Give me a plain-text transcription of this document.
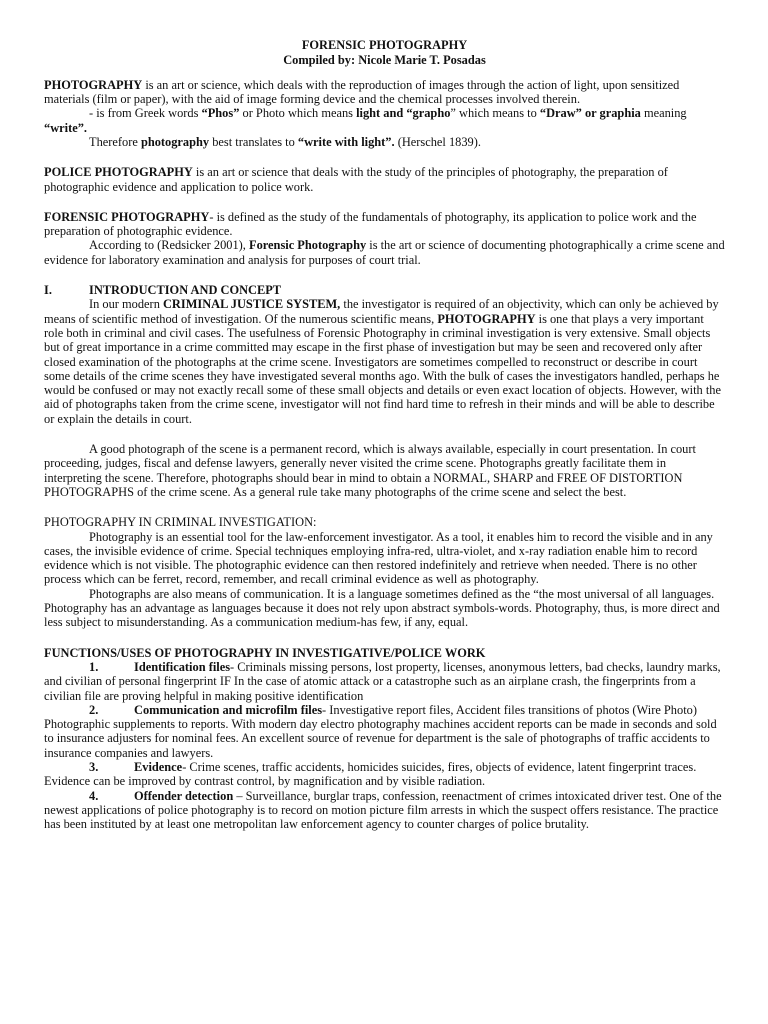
FORENSIC PHOTOGRAPHY

Compiled by: Nicole Marie T. Posadas

PHOTOGRAPHY is an art or science, which deals with the reproduction of images through the action of light, upon sensitized materials (film or paper), with the aid of image forming device and the chemical processes involved therein.

- is from Greek words “Phos” or Photo which means light and “grapho” which means to “Draw” or graphia meaning “write”.

Therefore photography best translates to “write with light”. (Herschel 1839).

POLICE PHOTOGRAPHY is an art or science that deals with the study of the principles of photography, the preparation of photographic evidence and application to police work.

FORENSIC PHOTOGRAPHY- is defined as the study of the fundamentals of photography, its application to police work and the preparation of photographic evidence.

According to (Redsicker 2001), Forensic Photography is the art or science of documenting photographically a crime scene and evidence for laboratory examination and analysis for purposes of court trial.

I.	INTRODUCTION AND CONCEPT

In our modern CRIMINAL JUSTICE SYSTEM, the investigator is required of an objectivity, which can only be achieved by means of scientific method of investigation. Of the numerous scientific means, PHOTOGRAPHY is one that plays a very important role both in criminal and civil cases. The usefulness of Forensic Photography in criminal investigation is very extensive. Small objects but of great importance in a crime committed may escape in the first phase of investigation but may be seen and recovered only after closed examination of the photographs at the crime scene. Investigators are sometimes compelled to reconstruct or describe in court some details of the crime scenes they have investigated several months ago. With the bulk of cases the investigators handled, perhaps he would be confused or may not exactly recall some of these small objects and details or even exact location of objects. However, with the aid of photographs taken from the crime scene, investigator will not find hard time to refresh in their minds and will be able to describe or explain the details in court.

A good photograph of the scene is a permanent record, which is always available, especially in court presentation. In court proceeding, judges, fiscal and defense lawyers, generally never visited the crime scene. Photographs greatly facilitate them in interpreting the scene. Therefore, photographs should bear in mind to obtain a NORMAL, SHARP and FREE OF DISTORTION PHOTOGRAPHS of the crime scene. As a general rule take many photographs of the crime scene and select the best.

PHOTOGRAPHY IN CRIMINAL INVESTIGATION:

Photography is an essential tool for the law-enforcement investigator. As a tool, it enables him to record the visible and in any cases, the invisible evidence of crime. Special techniques employing infra-red, ultra-violet, and x-ray radiation enable him to record evidence which is not visible. The photographic evidence can then restored indefinitely and retrieve when needed. There is no other process which can be ferret, record, remember, and recall criminal evidence as well as photography.

Photographs are also means of communication. It is a language sometimes defined as the “the most universal of all languages. Photography has an advantage as languages because it does not rely upon abstract symbols-words. Photography, thus, is more direct and less subject to misunderstanding. As a communication medium-has few, if any, equal.

FUNCTIONS/USES OF PHOTOGRAPHY IN INVESTIGATIVE/POLICE WORK

1.	Identification files- Criminals missing persons, lost property, licenses, anonymous letters, bad checks, laundry marks, and civilian of personal fingerprint IF In the case of atomic attack or a catastrophe such as an airplane crash, the fingerprints from a civilian file are proving helpful in making positive identification

2.	Communication and microfilm files- Investigative report files, Accident files transitions of photos (Wire Photo) Photographic supplements to reports. With modern day electro photography machines accident reports can be made in seconds and sold to insurance adjusters for nominal fees. An excellent source of revenue for department is the sale of photographs of traffic accidents to insurance companies and lawyers.

3.	Evidence- Crime scenes, traffic accidents, homicides suicides, fires, objects of evidence, latent fingerprint traces. Evidence can be improved by contrast control, by magnification and by visible radiation.

4.	Offender detection – Surveillance, burglar traps, confession, reenactment of crimes intoxicated driver test. One of the newest applications of police photography is to record on motion picture film arrests in which the suspect offers resistance. The practice has been instituted by at least one metropolitan law enforcement agency to counter charges of police brutality.
